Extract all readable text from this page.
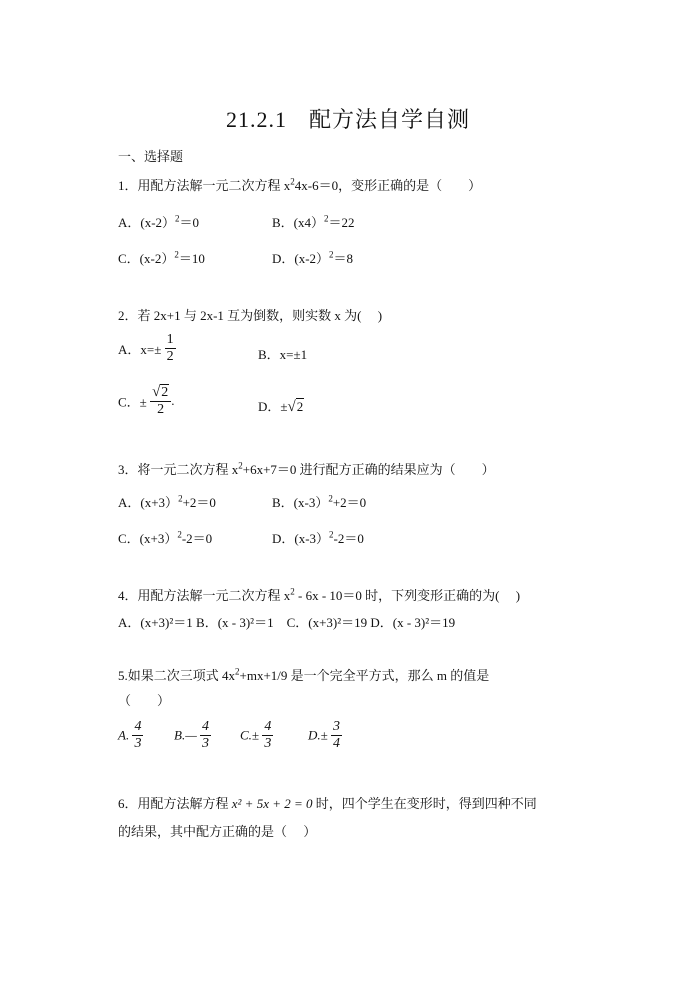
21.2.1 配方法自学自测
一、选择题
1．用配方法解一元二次方程 $x^24x-6=0$，变形正确的是（　　）
A．(x-2）$^2$＝0	B．(x4）$^2$＝22
C．(x-2）$^2$＝10	D．(x-2）$^2$＝8
2．若 2x+1 与 2x-1 互为倒数，则实数 x 为(　 )
A．$x=\pm \frac{1}{2}$	B．x=±1
C．± $\frac{√2}{2}$ .	D．±√2
3．将一元二次方程 $x^2+6x+7=0$ 进行配方正确的结果应为（　　）
A．(x+3）$^2$+2＝0	B．(x-3）$^2$+2＝0
C．(x+3）$^2$-2＝0	D．(x-3）$^2$-2＝0
4．用配方法解一元二次方程 $x^2 - 6x - 10=0$ 时，下列变形正确的为(　 )
A．(x+3)²＝1 B．(x - 3)²＝1　C．(x+3)²＝19 D．(x - 3)²＝19
5.如果二次三项式 $4x^2+mx+1/9$ 是一个完全平方式，那么 m 的值是
（　　）
A. $\frac{4}{3}$ B.— $\frac{4}{3} C.\pm \frac{4}{3}$	$D.\pm \frac{3}{4}$
6．用配方法解方程 x² + 5x + 2 = 0 时，四个学生在变形时，得到四种不同
的结果，其中配方正确的是（　 ）
